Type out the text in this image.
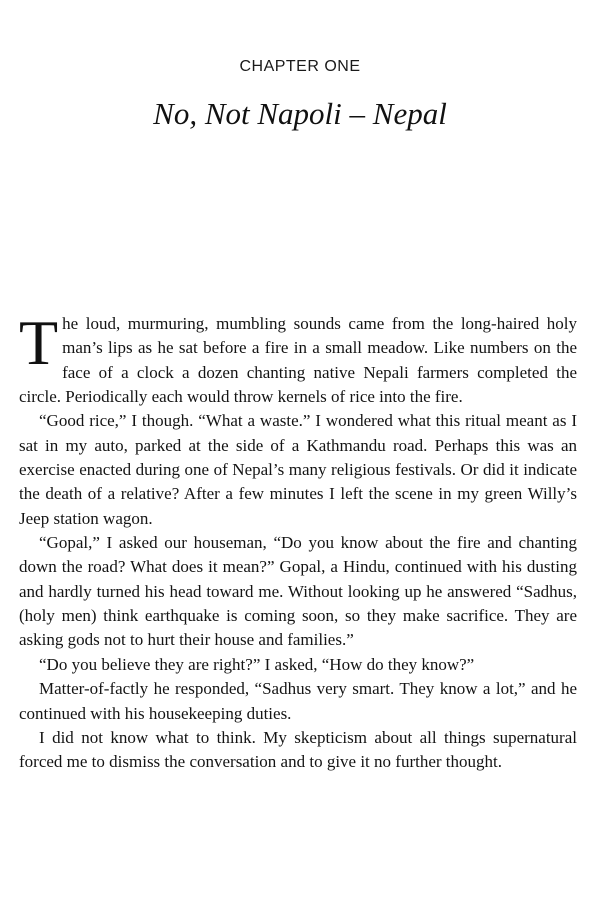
CHAPTER ONE
No, Not Napoli – Nepal

The loud, murmuring, mumbling sounds came from the long-haired holy man’s lips as he sat before a fire in a small meadow. Like numbers on the face of a clock a dozen chanting native Nepali farmers completed the circle. Periodically each would throw kernels of rice into the fire.

“Good rice,” I though. “What a waste.” I wondered what this ritual meant as I sat in my auto, parked at the side of a Kathmandu road. Perhaps this was an exercise enacted during one of Nepal’s many religious festivals. Or did it indicate the death of a relative? After a few minutes I left the scene in my green Willy’s Jeep station wagon.

“Gopal,” I asked our houseman, “Do you know about the fire and chanting down the road? What does it mean?” Gopal, a Hindu, continued with his dusting and hardly turned his head toward me. Without looking up he answered “Sadhus, (holy men) think earthquake is coming soon, so they make sacrifice. They are asking gods not to hurt their house and families.”

“Do you believe they are right?” I asked, “How do they know?”

Matter-of-factly he responded, “Sadhus very smart. They know a lot,” and he continued with his housekeeping duties.

I did not know what to think. My skepticism about all things supernatural forced me to dismiss the conversation and to give it no further thought.
